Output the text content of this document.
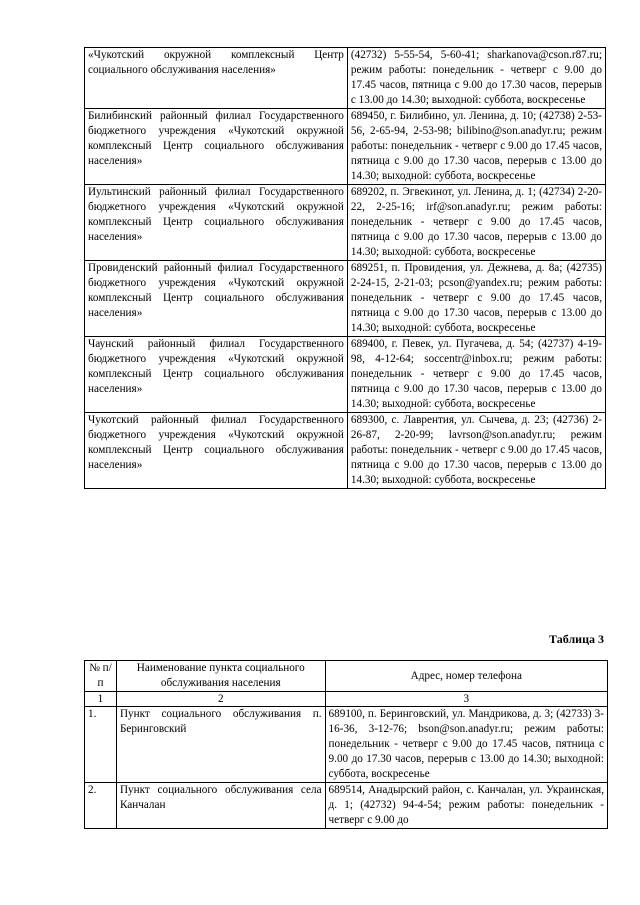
«Чукотский окружной комплексный Центр социального обслуживания населения»	(42732) 5-55-54, 5-60-41; sharkanova@cson.r87.ru; режим работы: понедельник - четверг с 9.00 до 17.45 часов, пятница с 9.00 до 17.30 часов, перерыв с 13.00 до 14.30; выходной: суббота, воскресенье
Билибинский районный филиал Государственного бюджетного учреждения «Чукотский окружной комплексный Центр социального обслуживания населения»	689450, г. Билибино, ул. Ленина, д. 10; (42738) 2-53-56, 2-65-94, 2-53-98; bilibino@son.anadyr.ru; режим работы: понедельник - четверг с 9.00 до 17.45 часов, пятница с 9.00 до 17.30 часов, перерыв с 13.00 до 14.30; выходной: суббота, воскресенье
Иультинский районный филиал Государственного бюджетного учреждения «Чукотский окружной комплексный Центр социального обслуживания населения»	689202, п. Эгвекинот, ул. Ленина, д. 1; (42734) 2-20-22, 2-25-16; irf@son.anadyr.ru; режим работы: понедельник - четверг с 9.00 до 17.45 часов, пятница с 9.00 до 17.30 часов, перерыв с 13.00 до 14.30; выходной: суббота, воскресенье
Провиденский районный филиал Государственного бюджетного учреждения «Чукотский окружной комплексный Центр социального обслуживания населения»	689251, п. Провидения, ул. Дежнева, д. 8а; (42735) 2-24-15, 2-21-03; pcson@yandex.ru; режим работы: понедельник - четверг с 9.00 до 17.45 часов, пятница с 9.00 до 17.30 часов, перерыв с 13.00 до 14.30; выходной: суббота, воскресенье
Чаунский районный филиал Государственного бюджетного учреждения «Чукотский окружной комплексный Центр социального обслуживания населения»	689400, г. Певек, ул. Пугачева, д. 54; (42737) 4-19-98, 4-12-64; soccentr@inbox.ru; режим работы: понедельник - четверг с 9.00 до 17.45 часов, пятница с 9.00 до 17.30 часов, перерыв с 13.00 до 14.30; выходной: суббота, воскресенье
Чукотский районный филиал Государственного бюджетного учреждения «Чукотский окружной комплексный Центр социального обслуживания населения»	689300, с. Лаврентия, ул. Сычева, д. 23; (42736) 2-26-87, 2-20-99; lavrson@son.anadyr.ru; режим работы: понедельник - четверг с 9.00 до 17.45 часов, пятница с 9.00 до 17.30 часов, перерыв с 13.00 до 14.30; выходной: суббота, воскресенье
Таблица 3
№ п/п	Наименование пункта социального обслуживания населения	Адрес, номер телефона
1	2	3
1.	Пункт социального обслуживания п. Беринговский	689100, п. Беринговский, ул. Мандрикова, д. 3; (42733) 3-16-36, 3-12-76; bson@son.anadyr.ru; режим работы: понедельник - четверг с 9.00 до 17.45 часов, пятница с 9.00 до 17.30 часов, перерыв с 13.00 до 14.30; выходной: суббота, воскресенье
2.	Пункт социального обслуживания села Канчалан	689514, Анадырский район, с. Канчалан, ул. Украинская, д. 1; (42732) 94-4-54; режим работы: понедельник - четверг с 9.00 до
